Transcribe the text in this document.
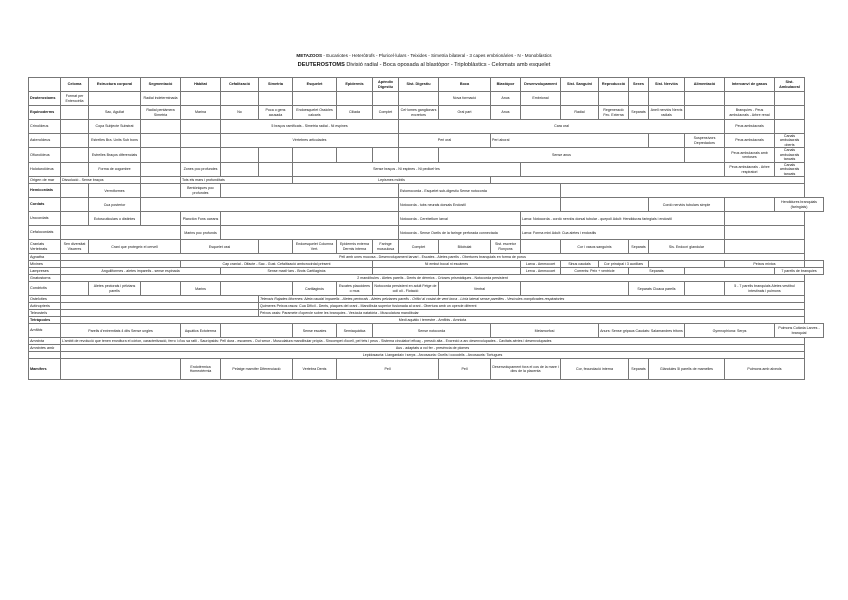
METAZOOS - Eucariotes - Heteròtrofs - Pluricel·lulars - Teixides - Simetria bilateral - 3 capes embrionàries - N - Monoblàstics
DEUTEROSTOMS Divisió radial - Boca oposada al blastòpor - Triploblàstics - Celomats amb esquelet
	Celoma	Estructura corporal	Segmentació	Hàbitat	Cefalització	Simetria	Esquelet	Epidermis	Apèndix Digestiu	Sist. Digestiu	Boca	Blastòpor	Desenvolupament	Sist. Sanguini	Reproducció	Sexes	Sist. Nerviós	Alimentació	Intercanvi de gasos	Sist. Ambulacral	
Deuterostoms	Format per Enterocèlia		Radial indeterminada								Nova formació	Anus	Embrional								
Equinoderms		Sac, Agullat	Radial pentàmera Simetria	Marina	No	Poca o gens acusada	Endoesquelet Ossicles calcaris	Ciliada	Complet	Cel·lomes ganglionars excretors	Oral part	Anus		Radial	Regeneració Fec. Externa	Separats	Anell nerviós Nervis radials		Branquies - Peus ambulacrals - Arbre renal		
Crinoïdeus		Copa Subjecte Substrat			5 braços ramificats - Simetria radial - Ni espines					Cara oral									Peus ambulacrals		
Asteroïdeus		Estrelles Bra. Units Sub bons			Vèrtebres articulades					Peri oral		Peri aboral						Suspensívors Depredadors	Peus ambulacrals	Canals ambulacrals oberts	
Ofiuroïdeus		Estrelles Braços diferenciats									Sense anus								Peus ambulacrals amb ventoses	Canals ambulacrals tancats	
Holoturoïdeus		Forma de cogombre		Zones poc profundes			Sense braços - Ni espines - Ni pedicel·les												Peus ambulacrals - Arbre respiratori	Canals ambulacrals tancats	
Origen de mar	Dissolució - Sense braços			Tots els mars i profunditats			Lepismes mòbils														
Hemicordats		Vermiformes		Bentòniques poc profundes						Estomocorda - Esquelet sub-digestiu Sense notocorda											
Cordats		Cua posterior								Notocorda - tubs neurals dorsals Endostil							Cordó nerviós tubulars simple			Hendidures branquials (faringials)	
Urocordats		Ectoscuticulars o distintes		Planctòn Fons oceans						Notocorda - Cerebellum larval			Larva: Notocorda - cordó nerviós dorsal tubular - quepoli Adult: Hendiduras faringials i endostil								
Cefalocordats				Marins poc profunds						Notocorda - Sense Ocells de la faringe perforada connectada			Larva: Forma mini Adult: Cua aletes i endostils								
Craniats Vertebrats	Sen diversitat Visceres	Crani que protegeix el cervell		Esquelet ossi			Endoesquelet Columna Vert.	Epidermis externa Dermis interna	Faringe musculosa	Complet	Bilobulat	Sist. escretor Ronyons		Cor i vasos sanguinis		Separats	Sis. Endocrí glandular				
Agnatha	Pell amb unes mucosa - Desenvolupament larvari - Escates - Aletes parells - Obertures branquials en forma de porus																				
Mixines				Cap cranial - Olfacte - Sac - Gust. Cefalització ambcrocirdal prèsent					Ni embut bocal ni escàmes				Larva - Ammocoet	Sinus caudals	Cor principal i 3 auxiliars				Peixos mixtos		
Lampreses	Anguiliformes - aletes imparells - sense espinada				Sense maxil·lars - Brots Cartilaginós								Lerva - Ammocoet	Corrents: Peix + ventricle		Separats				7 parells de branquies	
Gnatostoms	2 mandíbules - Aletes parells - Dents de dèrmics - Crioses prismàtiques - Notocorda persistent																				
Condrictis		Aletes pectorals i pèlvians parells		Marins			Cartilaginós	Escates placoidees o mus	Notocorda persistent en adult Fetge de coll oli - Flotació		Ventral					Separats Cloaca parells			5 - 7 parells branquials Aletes vestíbul intestinals i pulmons		
Osteïcties						Teleosts Rajades Morenes: Aleta caudal imparells - Aletes pectorals - Aletes pelvianes parells - Orifici al costat de vent boca - Línia lateral sense pareilles - Vesícules complicades respiratories															
Actinopteris						Quimeres Peixos rasos: Cua Difícil - Dents, plaques del crani - Mandíbula superior fusionada al crani - Obertura amb un opercle diferent															
Teleosteïs						Peixos ossis: Paramete d'opercle sobre les branquies - Vesícula natatòria - Musculatura mandibular															
Tetràpodes	Medi aquàtic i terrestre - Amfibis - Amniota																				
Amfibis	Parells d'extremitats 4 dits Sense ungles			Aquàtics Ectoterma			Sense escates	Semiaquàtica	Sense notocorda			Metamorfosi			Anurs: Sense gripaus Caudats: Salamandres tritons			Gymnophiona: Serps		Pulmons Cutània Larves - branquial	
Amniota	L'ambit de revolució que tenen envoltura el còrion, caracterització, ferro i d'ou sa ratli - Saurópsids: Pell dura - escames - Oul·amur - Musculatura mandibular pròpia - Sincompet d'ocell, pel·lets i peus - Sistema circulatori eficaç - pressió alta - Excreció a arc desenvolupades - Cavitats aèries i desenvolupades																				
Amniotes amb	Aus - adaptats a vol fer - presència de plomes																				
	Lepidosauria: Llangardaix i serps - Arcosauria: Ocells i cocodrils - Arcosauris: Tortugues																				
Mamífers				Endotèrmica Homeotèrmia	Pelatge mamífer Diferenciació		Vertebra Dents	Pell			Pell	Desenvolupament fora el cos de la mare i dins de la placenta		Cor, fecundació interna		Separats	Glàndules 5l parells de mamelles		Pulmons amb alveols		
